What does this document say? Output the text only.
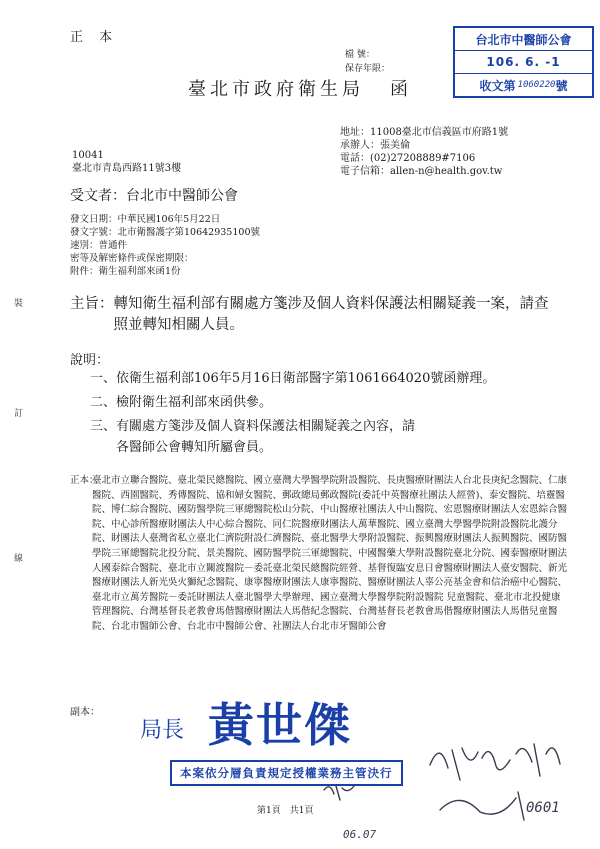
裝
訂
線
正 本	台北市中醫師公會
106. 6. -1
收文第 1060220 號
檔 號：
保存年限：
臺北市政府衛生局 函
地址：11008臺北市信義區市府路1號
承辦人：張美倫
電話：(02)27208889#7106
電子信箱：allen-n@health.gov.tw
10041
臺北市青島西路11號3樓
受文者：台北市中醫師公會
發文日期：中華民國106年5月22日
發文字號：北市衛醫護字第10642935100號
速別：普通件
密等及解密條件或保密期限：
附件：衛生福利部來函1份
主旨： 轉知衛生福利部有關處方箋涉及個人資料保護法相關疑義一案，請查照並轉知相關人員。
說明：
一、 依衛生福利部106年5月16日衛部醫字第1061664020號函辦理。
二、 檢附衛生福利部來函供參。
三、 有關處方箋涉及個人資料保護法相關疑義之內容，請各醫師公會轉知所屬會員。
正本：
臺北市立聯合醫院、臺北榮民總醫院、國立臺灣大學醫學院附設醫院、長庚醫療財團法人台北長庚紀念醫院、仁康醫院、西園醫院、秀傳醫院、協和婦女醫院、郵政總局郵政醫院(委託中英醫療社團法人經營)、泰安醫院、培靈醫院、博仁綜合醫院、國防醫學院三軍總醫院松山分院、中山醫療社團法人中山醫院、宏恩醫療財團法人宏恩綜合醫院、中心診所醫療財團法人中心綜合醫院、同仁院醫療財團法人萬華醫院、國立臺灣大學醫學院附設醫院北護分院、財團法人臺灣省私立臺北仁濟院附設仁濟醫院、臺北醫學大學附設醫院、振興醫療財團法人振興醫院、國防醫學院三軍總醫院北投分院、景美醫院、國防醫學院三軍總醫院、中國醫藥大學附設醫院臺北分院、國泰醫療財團法人國泰綜合醫院、臺北市立關渡醫院－委託臺北榮民總醫院經營、基督復臨安息日會醫療財團法人臺安醫院、新光醫療財團法人新光吳火獅紀念醫院、康寧醫療財團法人康寧醫院、醫療財團法人辜公亮基金會和信治癌中心醫院、臺北市立萬芳醫院－委託財團法人臺北醫學大學辦理、國立臺灣大學醫學院附設醫院 兒童醫院、臺北市北投健康管理醫院、台灣基督長老教會馬偕醫療財團法人馬偕紀念醫院、台灣基督長老教會馬偕醫療財團法人馬偕兒童醫院、台北市醫師公會、台北市中醫師公會、社團法人台北市牙醫師公會
副本：
局長 黃世傑
本案依分層負責規定授權業務主管決行
第1頁　共1頁
06.07
0601
